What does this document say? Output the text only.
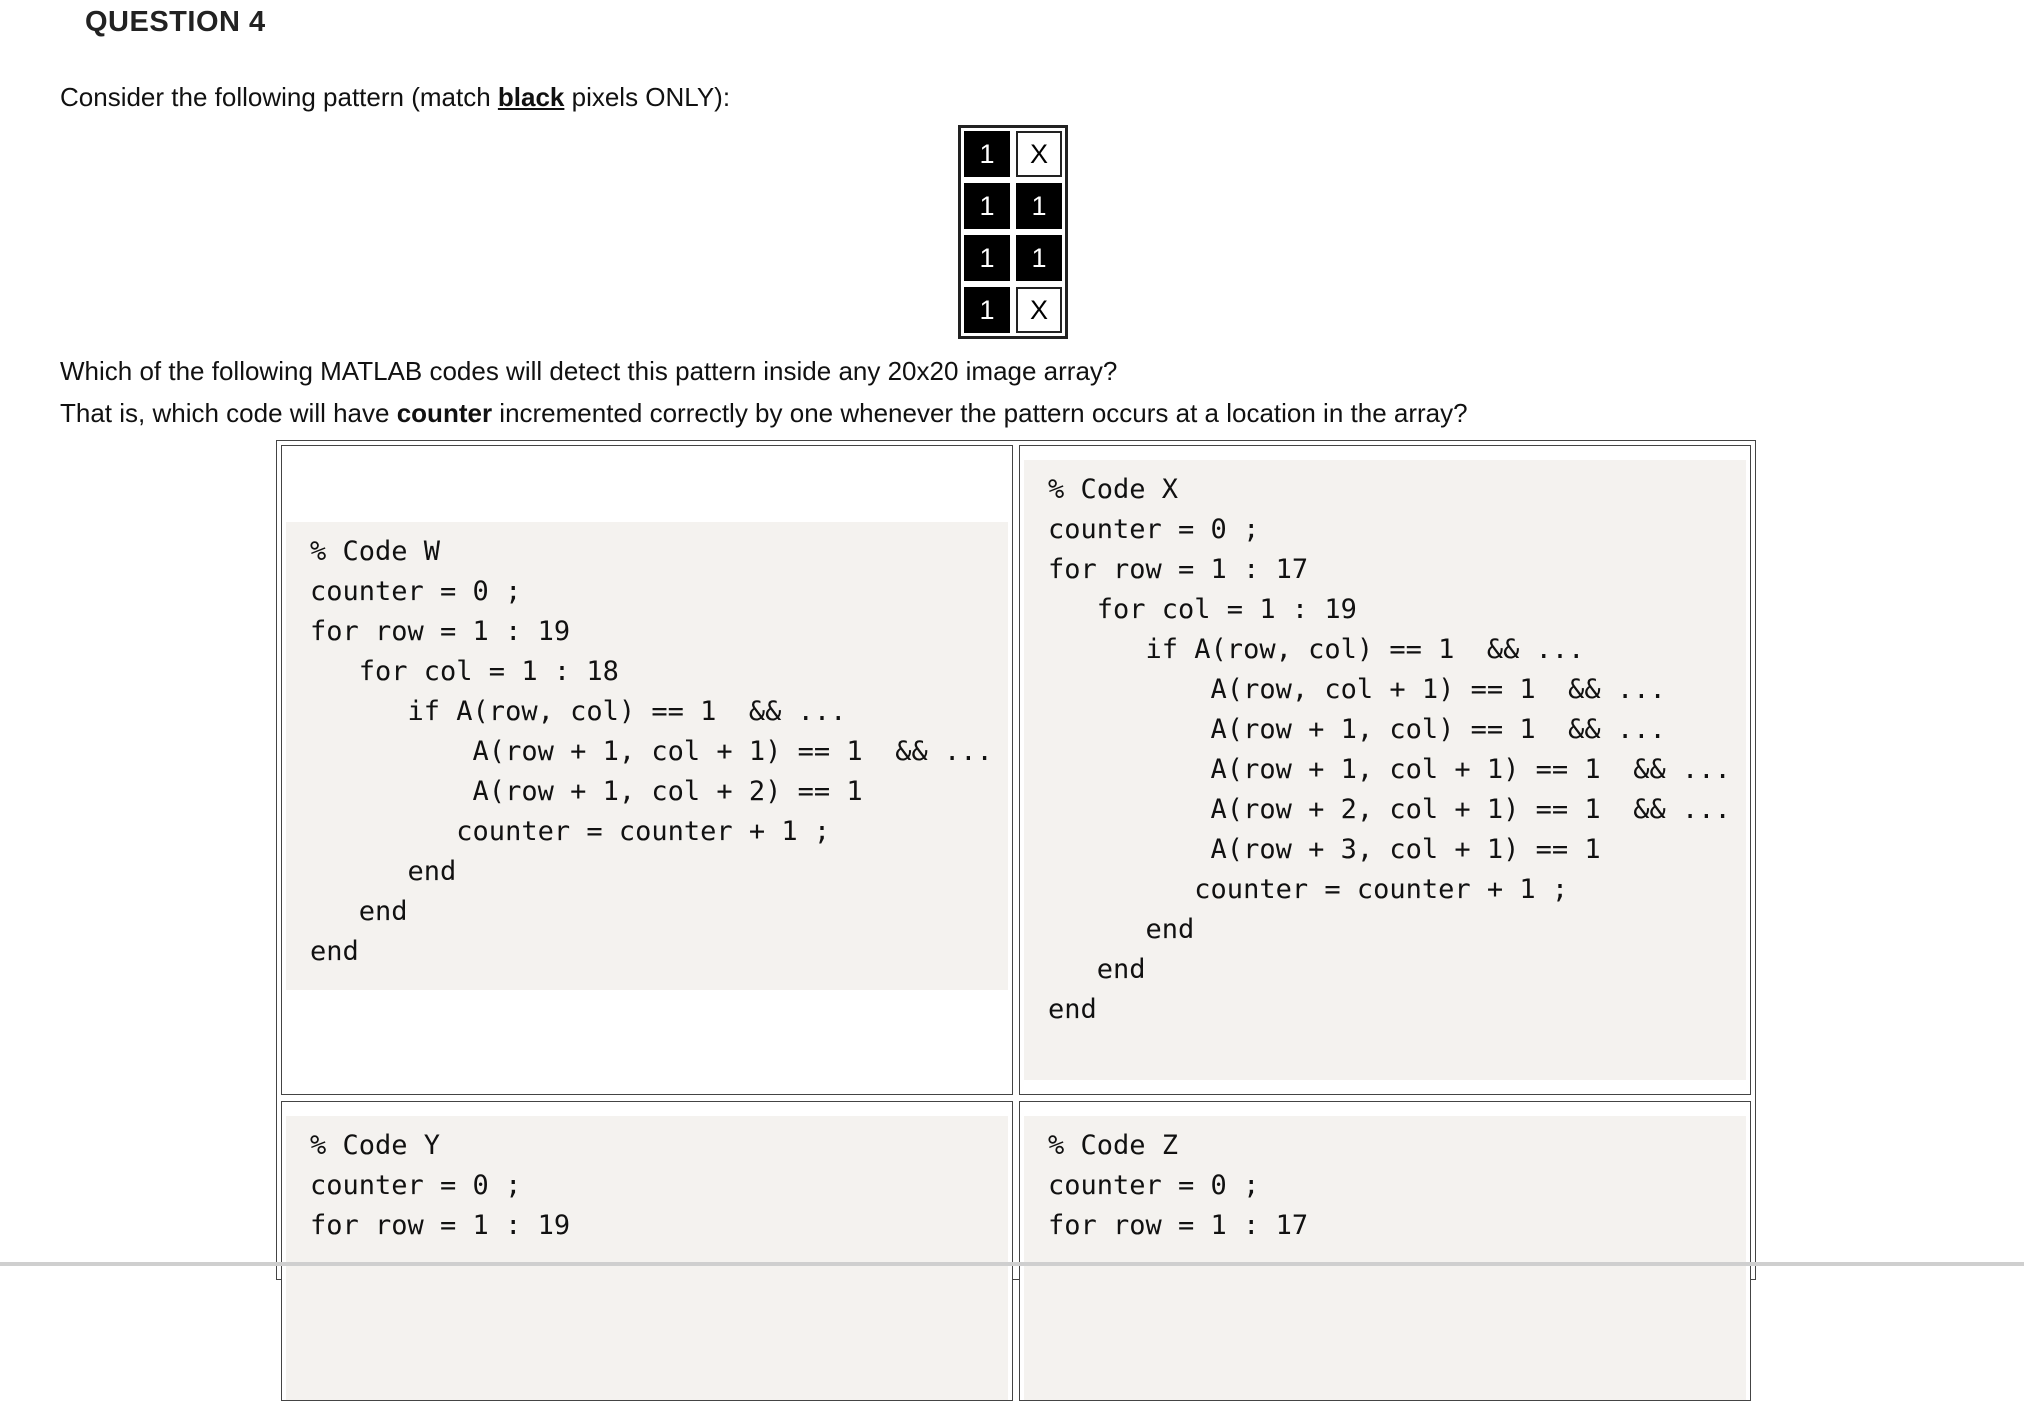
QUESTION 4
Consider the following pattern (match black pixels ONLY):
1	X
1	1
1	1
1	X
Which of the following MATLAB codes will detect this pattern inside any 20x20 image array?
That is, which code will have counter incremented correctly by one whenever the pattern occurs at a location in the array?
% Code W
counter = 0 ;
for row = 1 : 19
for col = 1 : 18
if A(row, col) == 1  && ...
A(row + 1, col + 1) == 1  && ...
A(row + 1, col + 2) == 1
counter = counter + 1 ;
end
end
end
% Code X
counter = 0 ;
for row = 1 : 17
for col = 1 : 19
if A(row, col) == 1  && ...
A(row, col + 1) == 1  && ...
A(row + 1, col) == 1  && ...
A(row + 1, col + 1) == 1  && ...
A(row + 2, col + 1) == 1  && ...
A(row + 3, col + 1) == 1
counter = counter + 1 ;
end
end
end
% Code Y
counter = 0 ;
for row = 1 : 19
% Code Z
counter = 0 ;
for row = 1 : 17
